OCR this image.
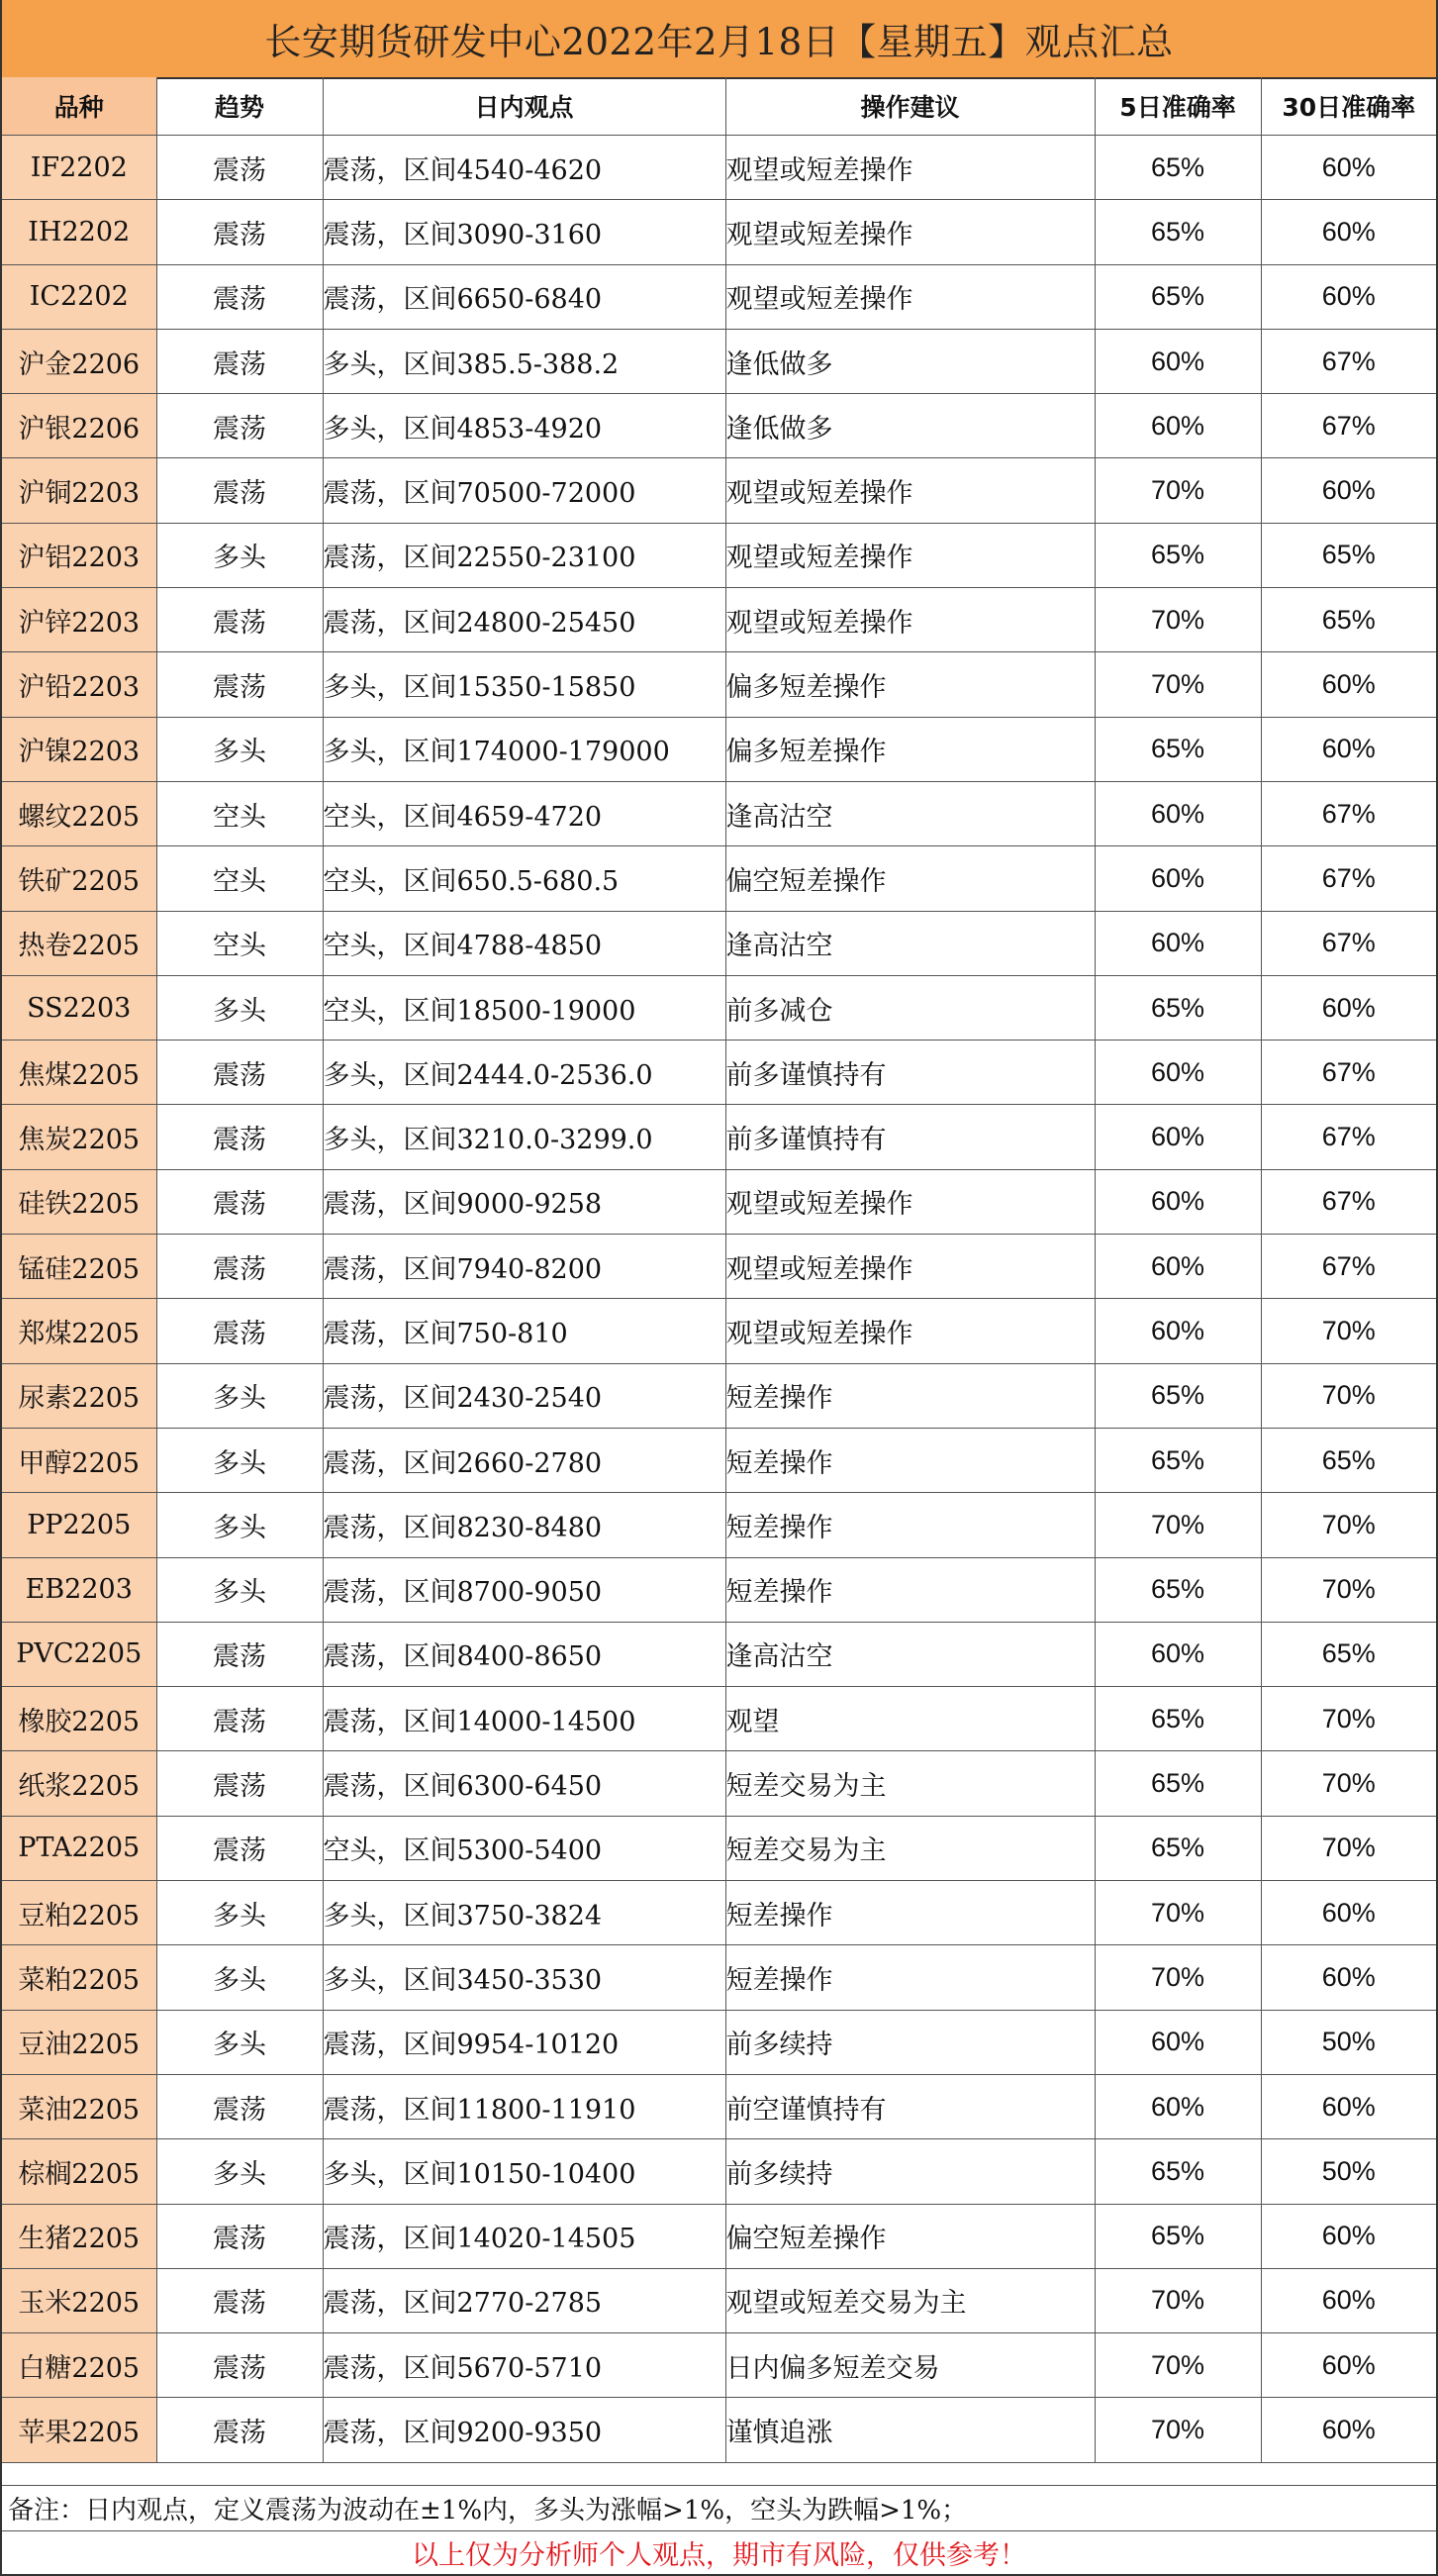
长安期货研发中心2022年2月18日【星期五】观点汇总
品种	趋势	日内观点	操作建议	5日准确率	30日准确率
IF2202	震荡	震荡，区间4540-4620	观望或短差操作	65%	60%
IH2202	震荡	震荡，区间3090-3160	观望或短差操作	65%	60%
IC2202	震荡	震荡，区间6650-6840	观望或短差操作	65%	60%
沪金2206	震荡	多头，区间385.5-388.2	逢低做多	60%	67%
沪银2206	震荡	多头，区间4853-4920	逢低做多	60%	67%
沪铜2203	震荡	震荡，区间70500-72000	观望或短差操作	70%	60%
沪铝2203	多头	震荡，区间22550-23100	观望或短差操作	65%	65%
沪锌2203	震荡	震荡，区间24800-25450	观望或短差操作	70%	65%
沪铅2203	震荡	多头，区间15350-15850	偏多短差操作	70%	60%
沪镍2203	多头	多头，区间174000-179000	偏多短差操作	65%	60%
螺纹2205	空头	空头，区间4659-4720	逢高沽空	60%	67%
铁矿2205	空头	空头，区间650.5-680.5	偏空短差操作	60%	67%
热卷2205	空头	空头，区间4788-4850	逢高沽空	60%	67%
SS2203	多头	空头，区间18500-19000	前多减仓	65%	60%
焦煤2205	震荡	多头，区间2444.0-2536.0	前多谨慎持有	60%	67%
焦炭2205	震荡	多头，区间3210.0-3299.0	前多谨慎持有	60%	67%
硅铁2205	震荡	震荡，区间9000-9258	观望或短差操作	60%	67%
锰硅2205	震荡	震荡，区间7940-8200	观望或短差操作	60%	67%
郑煤2205	震荡	震荡，区间750-810	观望或短差操作	60%	70%
尿素2205	多头	震荡，区间2430-2540	短差操作	65%	70%
甲醇2205	多头	震荡，区间2660-2780	短差操作	65%	65%
PP2205	多头	震荡，区间8230-8480	短差操作	70%	70%
EB2203	多头	震荡，区间8700-9050	短差操作	65%	70%
PVC2205	震荡	震荡，区间8400-8650	逢高沽空	60%	65%
橡胶2205	震荡	震荡，区间14000-14500	观望	65%	70%
纸浆2205	震荡	震荡，区间6300-6450	短差交易为主	65%	70%
PTA2205	震荡	空头，区间5300-5400	短差交易为主	65%	70%
豆粕2205	多头	多头，区间3750-3824	短差操作	70%	60%
菜粕2205	多头	多头，区间3450-3530	短差操作	70%	60%
豆油2205	多头	震荡，区间9954-10120	前多续持	60%	50%
菜油2205	震荡	震荡，区间11800-11910	前空谨慎持有	60%	60%
棕榈2205	多头	多头，区间10150-10400	前多续持	65%	50%
生猪2205	震荡	震荡，区间14020-14505	偏空短差操作	65%	60%
玉米2205	震荡	震荡，区间2770-2785	观望或短差交易为主	70%	60%
白糖2205	震荡	震荡，区间5670-5710	日内偏多短差交易	70%	60%
苹果2205	震荡	震荡，区间9200-9350	谨慎追涨	70%	60%
备注：日内观点，定义震荡为波动在±1%内，多头为涨幅>1%，空头为跌幅>1%；
以上仅为分析师个人观点，期市有风险，仅供参考！
